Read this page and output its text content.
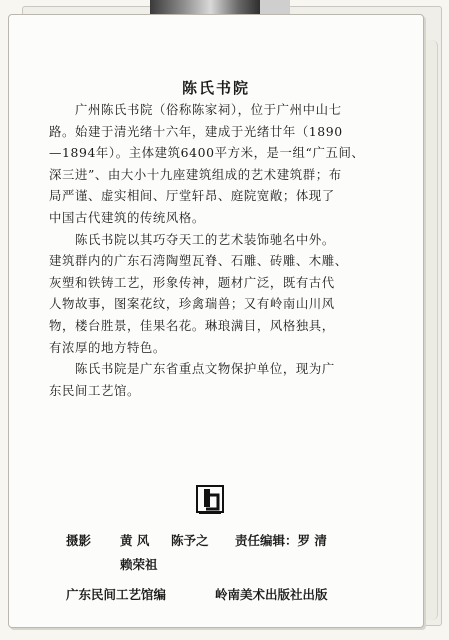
陈氏书院

广州陈氏书院（俗称陈家祠），位于广州中山七
路。始建于清光绪十六年，建成于光绪廿年（1890
—1894年）。主体建筑6400平方米，是一组“广五间、
深三进”、由大小十九座建筑组成的艺术建筑群；布
局严谨、虚实相间、厅堂轩昂、庭院宽敞；体现了
中国古代建筑的传统风格。

陈氏书院以其巧夺天工的艺术装饰驰名中外。
建筑群内的广东石湾陶塑瓦脊、石雕、砖雕、木雕、
灰塑和铁铸工艺，形象传神，题材广泛，既有古代
人物故事，图案花纹，珍禽瑞兽；又有岭南山川风
物，楼台胜景，佳果名花。琳琅满目，风格独具，
有浓厚的地方特色。

陈氏书院是广东省重点文物保护单位，现为广
东民间工艺馆。

摄影 黄 风 陈予之 责任编辑：罗 清
赖荣祖
广东民间工艺馆编	岭南美术出版社出版
